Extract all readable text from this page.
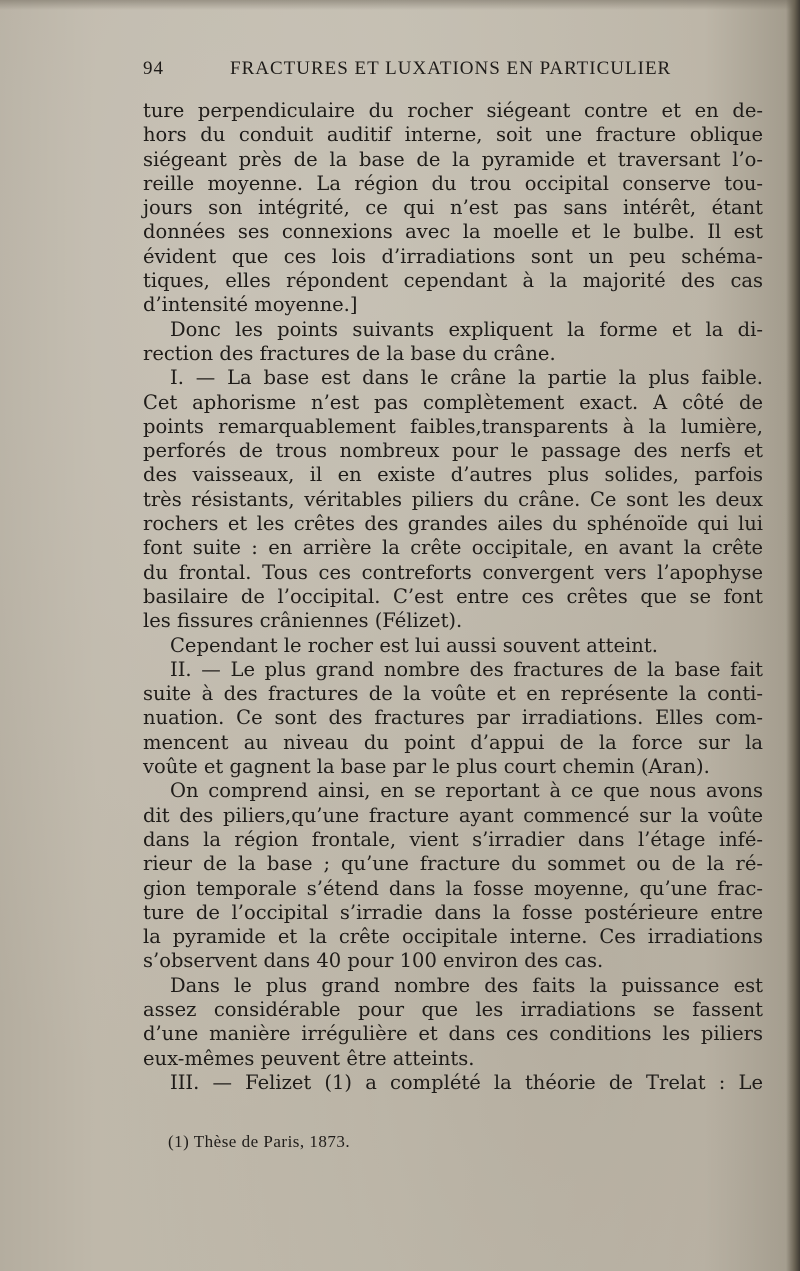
94	FRACTURES ET LUXATIONS EN PARTICULIER
ture perpendiculaire du rocher siégeant contre et en de-
hors du conduit auditif interne, soit une fracture oblique
siégeant près de la base de la pyramide et traversant l’o-
reille moyenne. La région du trou occipital conserve tou-
jours son intégrité, ce qui n’est pas sans intérêt, étant
données ses connexions avec la moelle et le bulbe. Il est
évident que ces lois d’irradiations sont un peu schéma-
tiques, elles répondent cependant à la majorité des cas
d’intensité moyenne.]
Donc les points suivants expliquent la forme et la di-
rection des fractures de la base du crâne.
I. — La base est dans le crâne la partie la plus faible.
Cet aphorisme n’est pas complètement exact. A côté de
points remarquablement faibles,transparents à la lumière,
perforés de trous nombreux pour le passage des nerfs et
des vaisseaux, il en existe d’autres plus solides, parfois
très résistants, véritables piliers du crâne. Ce sont les deux
rochers et les crêtes des grandes ailes du sphénoïde qui lui
font suite : en arrière la crête occipitale, en avant la crête
du frontal. Tous ces contreforts convergent vers l’apophyse
basilaire de l’occipital. C’est entre ces crêtes que se font
les fissures crâniennes (Félizet).
Cependant le rocher est lui aussi souvent atteint.
II. — Le plus grand nombre des fractures de la base fait
suite à des fractures de la voûte et en représente la conti-
nuation. Ce sont des fractures par irradiations. Elles com-
mencent au niveau du point d’appui de la force sur la
voûte et gagnent la base par le plus court chemin (Aran).
On comprend ainsi, en se reportant à ce que nous avons
dit des piliers,qu’une fracture ayant commencé sur la voûte
dans la région frontale, vient s’irradier dans l’étage infé-
rieur de la base ; qu’une fracture du sommet ou de la ré-
gion temporale s’étend dans la fosse moyenne, qu’une frac-
ture de l’occipital s’irradie dans la fosse postérieure entre
la pyramide et la crête occipitale interne. Ces irradiations
s’observent dans 40 pour 100 environ des cas.
Dans le plus grand nombre des faits la puissance est
assez considérable pour que les irradiations se fassent
d’une manière irrégulière et dans ces conditions les piliers
eux-mêmes peuvent être atteints.
III. — Felizet (1) a complété la théorie de Trelat : Le
(1) Thèse de Paris, 1873.
